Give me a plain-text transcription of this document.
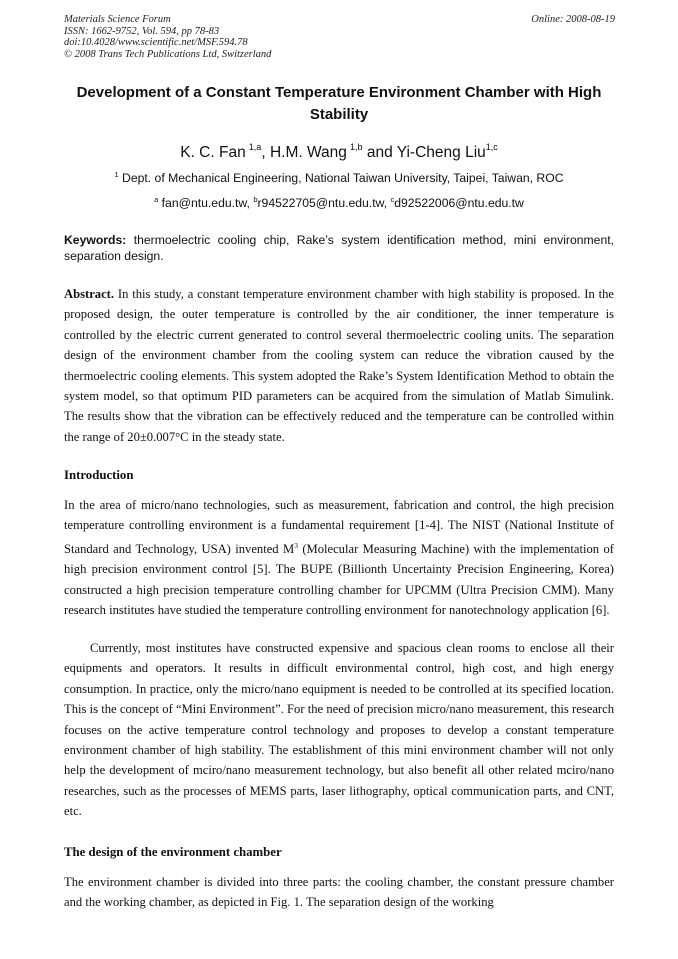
Materials Science Forum
ISSN: 1662-9752, Vol. 594, pp 78-83
doi:10.4028/www.scientific.net/MSF.594.78
© 2008 Trans Tech Publications Ltd, Switzerland
Online: 2008-08-19
Development of a Constant Temperature Environment Chamber with High Stability
K. C. Fan  $^{1,a}$, H.M. Wang  $^{1,b}$ and Yi-Cheng Liu$^{1,c}$
$^1$ Dept. of Mechanical Engineering, National Taiwan University, Taipei, Taiwan, ROC
$^a$ fan@ntu.edu.tw, $^b$r94522705@ntu.edu.tw, $^c$d92522006@ntu.edu.tw
Keywords: thermoelectric cooling chip, Rake’s system identification method, mini environment, separation design.
Abstract. In this study, a constant temperature environment chamber with high stability is proposed. In the proposed design, the outer temperature is controlled by the air conditioner, the inner temperature is controlled by the electric current generated to control several thermoelectric cooling units. The separation design of the environment chamber from the cooling system can reduce the vibration caused by the thermoelectric cooling elements. This system adopted the Rake’s System Identification Method to obtain the system model, so that optimum PID parameters can be acquired from the simulation of Matlab Simulink. The results show that the vibration can be effectively reduced and the temperature can be controlled within the range of 20±0.007°C in the steady state.
Introduction
In the area of micro/nano technologies, such as measurement, fabrication and control, the high precision temperature controlling environment is a fundamental requirement [1-4]. The NIST (National Institute of Standard and Technology, USA) invented $M^3$ (Molecular Measuring Machine) with the implementation of high precision environment control [5]. The BUPE (Billionth Uncertainty Precision Engineering, Korea) constructed a high precision temperature controlling chamber for UPCMM (Ultra Precision CMM). Many research institutes have studied the temperature controlling environment for nanotechnology application [6].
Currently, most institutes have constructed expensive and spacious clean rooms to enclose all their equipments and operators. It results in difficult environmental control, high cost, and high energy consumption. In practice, only the micro/nano equipment is needed to be controlled at its specified location. This is the concept of “Mini Environment”. For the need of precision micro/nano measurement, this research focuses on the active temperature control technology and proposes to develop a constant temperature environment chamber of high stability. The establishment of this mini environment chamber will not only help the development of mciro/nano measurement technology, but also benefit all other related mciro/nano researches, such as the processes of MEMS parts, laser lithography, optical communication parts, and CNT, etc.
The design of the environment chamber
The environment chamber is divided into three parts: the cooling chamber, the constant pressure chamber and the working chamber, as depicted in Fig. 1. The separation design of the working
